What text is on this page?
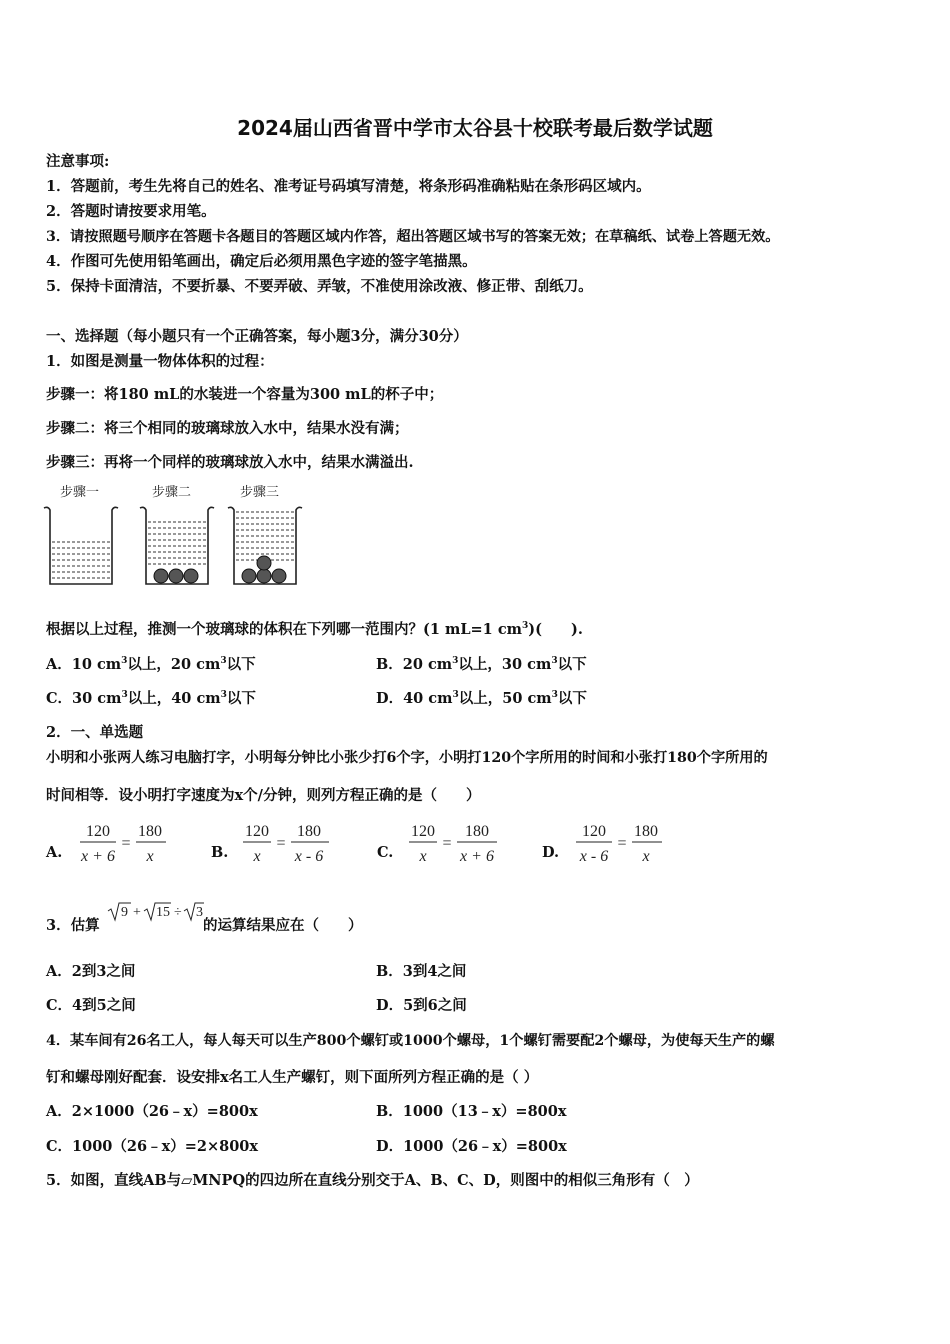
2024届山西省晋中学市太谷县十校联考最后数学试题
注意事项:
1．答题前，考生先将自己的姓名、准考证号码填写清楚，将条形码准确粘贴在条形码区域内。
2．答题时请按要求用笔。
3．请按照题号顺序在答题卡各题目的答题区域内作答，超出答题区域书写的答案无效；在草稿纸、试卷上答题无效。
4．作图可先使用铅笔画出，确定后必须用黑色字迹的签字笔描黑。
5．保持卡面清洁，不要折暴、不要弄破、弄皱，不准使用涂改液、修正带、刮纸刀。
一、选择题（每小题只有一个正确答案，每小题3分，满分30分）
1．如图是测量一物体体积的过程：
步骤一：将180 mL的水装进一个容量为300 mL的杯子中；
步骤二：将三个相同的玻璃球放入水中，结果水没有满；
步骤三：再将一个同样的玻璃球放入水中，结果水满溢出.
步骤一	步骤二	步骤三
根据以上过程，推测一个玻璃球的体积在下列哪一范围内？(1 mL=1 $cm^3$)(　　).
A．10 $cm^3$以上，20 $cm^3$以下	B．20 $cm^3$以上，30 $cm^3$以下
C．30 $cm^3$以上，40 $cm^3$以下	D．40 $cm^3$以上，50 $cm^3$以下
2．一、单选题
小明和小张两人练习电脑打字，小明每分钟比小张少打6个字，小明打120个字所用的时间和小张打180个字所用的
时间相等．设小明打字速度为x个/分钟，则列方程正确的是（　　）
A.
120
x + 6
=
180
x	B.
120
x
=
180
x - 6	C.
120
x
=
180
x + 6	D.
120
x - 6
=
180
x
3．估算
9 + 15 ÷ 3
的运算结果应在（　　）
A．2到3之间	B．3到4之间
C．4到5之间	D．5到6之间
4．某车间有26名工人，每人每天可以生产800个螺钉或1000个螺母，1个螺钉需要配2个螺母，为使每天生产的螺
钉和螺母刚好配套．设安排x名工人生产螺钉，则下面所列方程正确的是（ ）
A．2×1000（26﹣x）=800x	B．1000（13﹣x）=800x
C．1000（26﹣x）=2×800x	D．1000（26﹣x）=800x
5．如图，直线AB与▱MNPQ的四边所在直线分别交于A、B、C、D，则图中的相似三角形有（　）
